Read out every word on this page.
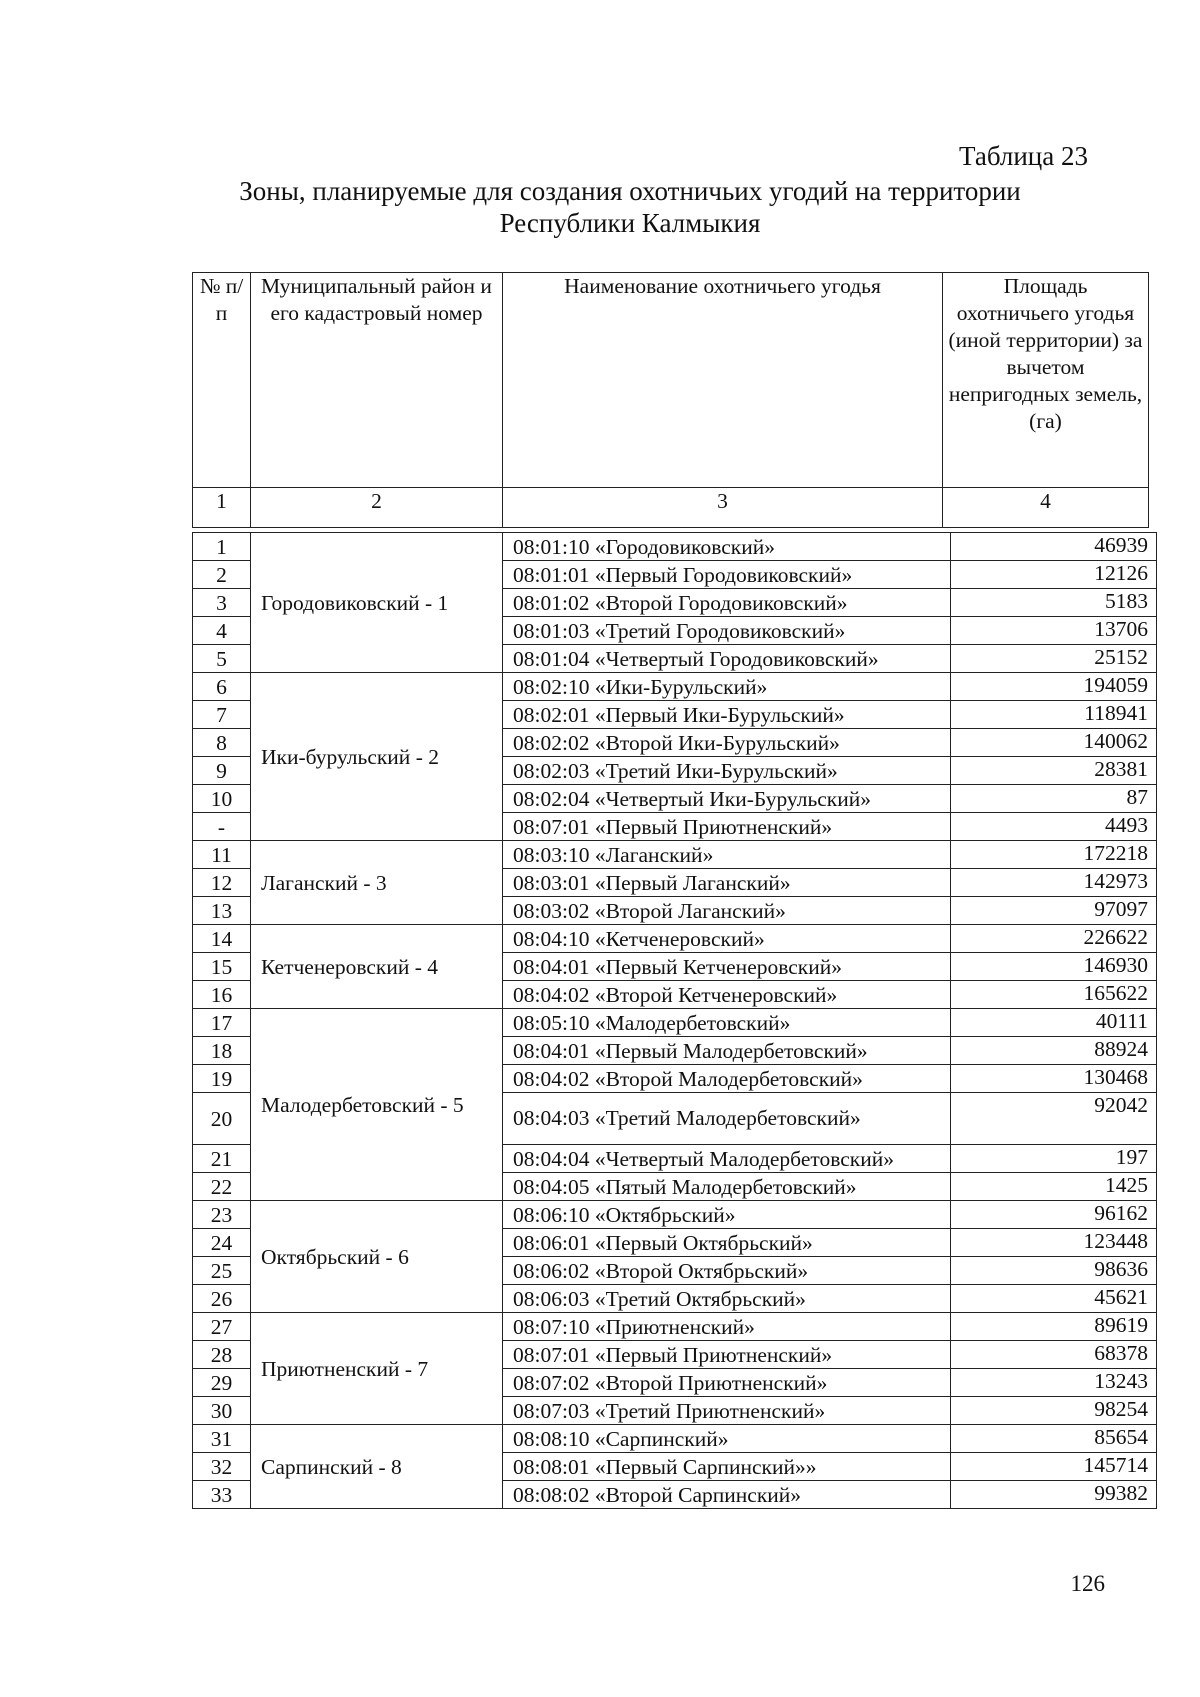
Таблица 23
Зоны, планируемые для создания охотничьих угодий на территории
Республики Калмыкия
№ п/п	Муниципальный район и его кадастровый номер	Наименование охотничьего угодья	Площадь охотничьего угодья (иной территории) за вычетом непригодных земель, (га)
1	2	3	4
1	Городовиковский - 1	08:01:10 «Городовиковский»	46939
2		08:01:01 «Первый Городовиковский»	12126
3		08:01:02 «Второй Городовиковский»	5183
4		08:01:03 «Третий Городовиковский»	13706
5		08:01:04 «Четвертый Городовиковский»	25152
6	Ики-бурульский - 2	08:02:10 «Ики-Бурульский»	194059
7		08:02:01 «Первый Ики-Бурульский»	118941
8		08:02:02 «Второй Ики-Бурульский»	140062
9		08:02:03 «Третий Ики-Бурульский»	28381
10		08:02:04 «Четвертый Ики-Бурульский»	87
-		08:07:01 «Первый Приютненский»	4493
11	Лаганский - 3	08:03:10 «Лаганский»	172218
12		08:03:01 «Первый Лаганский»	142973
13		08:03:02 «Второй Лаганский»	97097
14	Кетченеровский - 4	08:04:10 «Кетченеровский»	226622
15		08:04:01 «Первый Кетченеровский»	146930
16		08:04:02 «Второй Кетченеровский»	165622
17	Малодербетовский - 5	08:05:10 «Малодербетовский»	40111
18		08:04:01 «Первый Малодербетовский»	88924
19		08:04:02 «Второй Малодербетовский»	130468
20		08:04:03 «Третий Малодербетовский»	92042
21		08:04:04 «Четвертый Малодербетовский»	197
22		08:04:05 «Пятый Малодербетовский»	1425
23	Октябрьский - 6	08:06:10 «Октябрьский»	96162
24		08:06:01 «Первый Октябрьский»	123448
25		08:06:02 «Второй Октябрьский»	98636
26		08:06:03 «Третий Октябрьский»	45621
27	Приютненский - 7	08:07:10 «Приютненский»	89619
28		08:07:01 «Первый Приютненский»	68378
29		08:07:02 «Второй Приютненский»	13243
30		08:07:03 «Третий Приютненский»	98254
31	Сарпинский - 8	08:08:10 «Сарпинский»	85654
32		08:08:01 «Первый Сарпинский»»	145714
33		08:08:02 «Второй Сарпинский»	99382
126
